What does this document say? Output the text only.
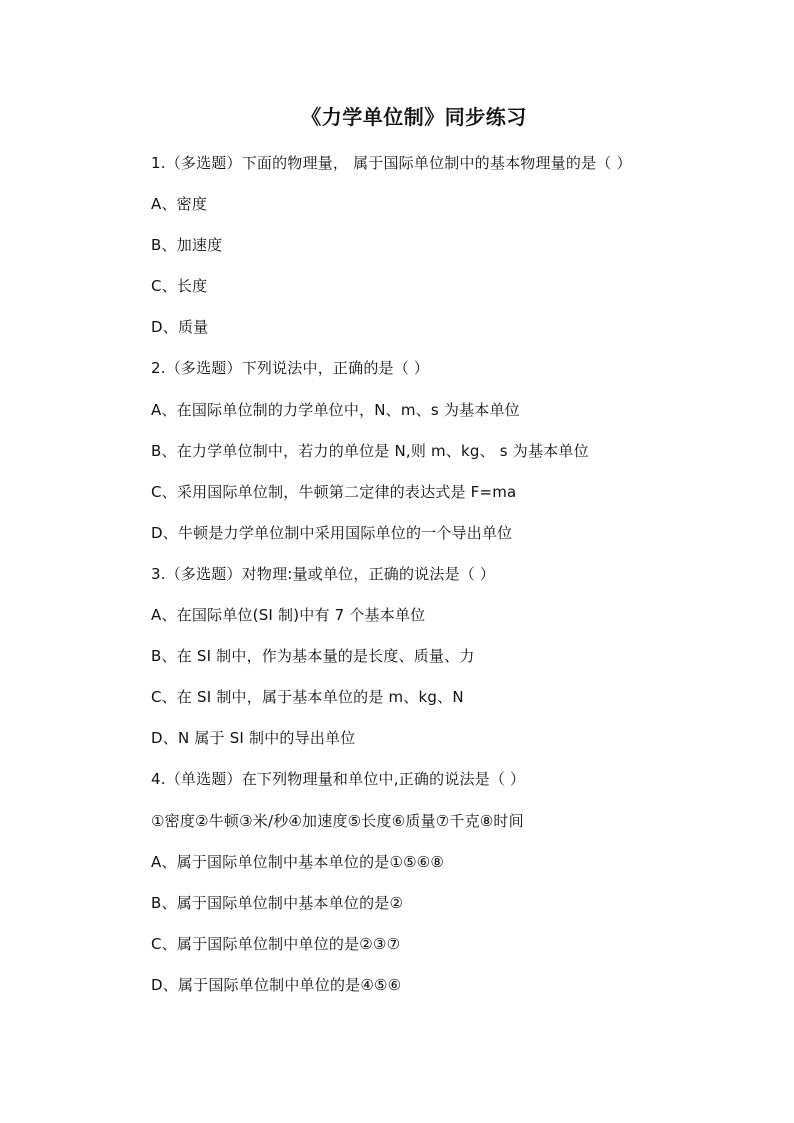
《力学单位制》同步练习
1.（多选题）下面的物理量， 属于国际单位制中的基本物理量的是（ ）
A、密度
B、加速度
C、长度
D、质量
2.（多选题）下列说法中，正确的是（ ）
A、在国际单位制的力学单位中，N、m、s 为基本单位
B、在力学单位制中，若力的单位是 N,则 m、kg、 s 为基本单位
C、采用国际单位制，牛顿第二定律的表达式是 F=ma
D、牛顿是力学单位制中采用国际单位的一个导出单位
3.（多选题）对物理:量或单位，正确的说法是（ ）
A、在国际单位(SI 制)中有 7 个基本单位
B、在 SI 制中，作为基本量的是长度、质量、力
C、在 SI 制中，属于基本单位的是 m、kg、N
D、N 属于 SI 制中的导出单位
4.（单选题）在下列物理量和单位中,正确的说法是（ ）
①密度②牛顿③米/秒④加速度⑤长度⑥质量⑦千克⑧时间
A、属于国际单位制中基本单位的是①⑤⑥⑧
B、属于国际单位制中基本单位的是②
C、属于国际单位制中单位的是②③⑦
D、属于国际单位制中单位的是④⑤⑥
